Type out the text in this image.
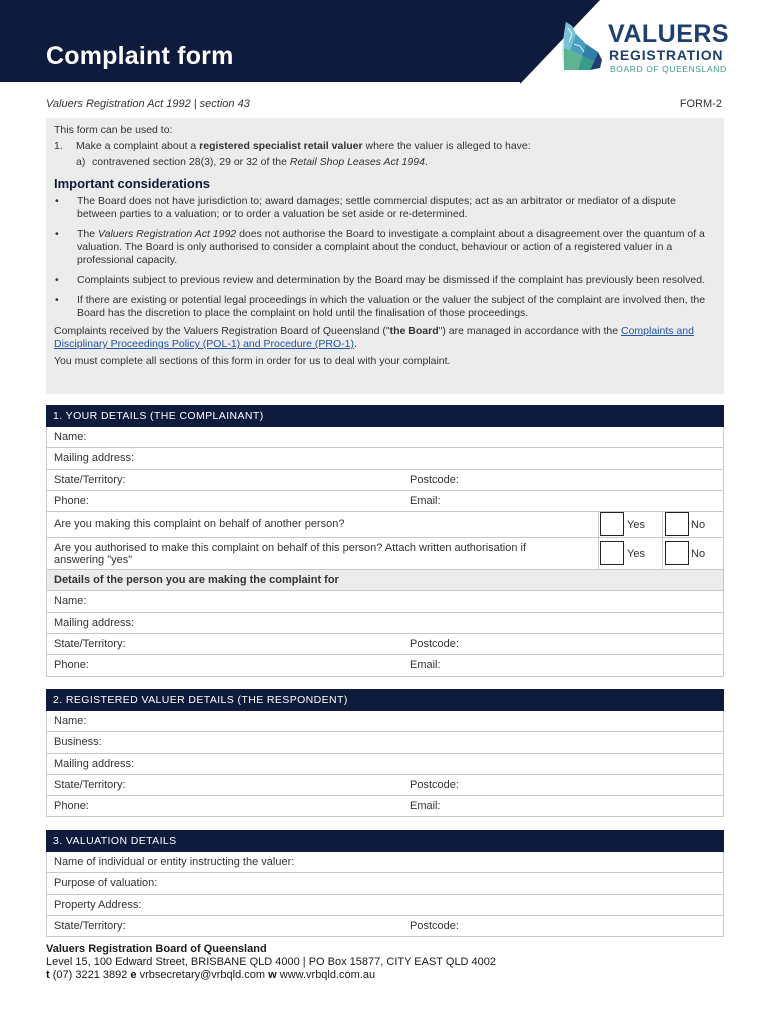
Complaint form
VALUERS
REGISTRATION
BOARD OF QUEENSLAND
Valuers Registration Act 1992 | section 43	FORM-2

This form can be used to:

1.	Make a complaint about a registered specialist retail valuer where the valuer is alleged to have:
a) contravened section 28(3), 29 or 32 of the Retail Shop Leases Act 1994.
Important considerations
•	The Board does not have jurisdiction to; award damages; settle commercial disputes; act as an arbitrator or mediator of a dispute between parties to a valuation; or to order a valuation be set aside or re-determined.
•	The Valuers Registration Act 1992 does not authorise the Board to investigate a complaint about a disagreement over the quantum of a valuation. The Board is only authorised to consider a complaint about the conduct, behaviour or action of a registered valuer in a professional capacity.
•	Complaints subject to previous review and determination by the Board may be dismissed if the complaint has previously been resolved.
•	If there are existing or potential legal proceedings in which the valuation or the valuer the subject of the complaint are involved then, the Board has the discretion to place the complaint on hold until the finalisation of those proceedings.

Complaints received by the Valuers Registration Board of Queensland ("the Board") are managed in accordance with the Complaints and Disciplinary Proceedings Policy (POL-1) and Procedure (PRO-1).

You must complete all sections of this form in order for us to deal with your complaint.

1. YOUR DETAILS (THE COMPLAINANT)
Name:
Mailing address:
State/Territory:	Postcode:
Phone:	Email:
Are you making this complaint on behalf of another person?	Yes	No
Are you authorised to make this complaint on behalf of this person? Attach written authorisation if answering "yes"	Yes	No
Details of the person you are making the complaint for
Name:
Mailing address:
State/Territory:	Postcode:
Phone:	Email:
2. REGISTERED VALUER DETAILS (THE RESPONDENT)
Name:
Business:
Mailing address:
State/Territory:	Postcode:
Phone:	Email:
3. VALUATION DETAILS
Name of individual or entity instructing the valuer:
Purpose of valuation:
Property Address:
State/Territory:	Postcode:
Valuers Registration Board of Queensland
Level 15, 100 Edward Street, BRISBANE QLD 4000 | PO Box 15877, CITY EAST QLD 4002
t (07) 3221 3892 e vrbsecretary@vrbqld.com w www.vrbqld.com.au
